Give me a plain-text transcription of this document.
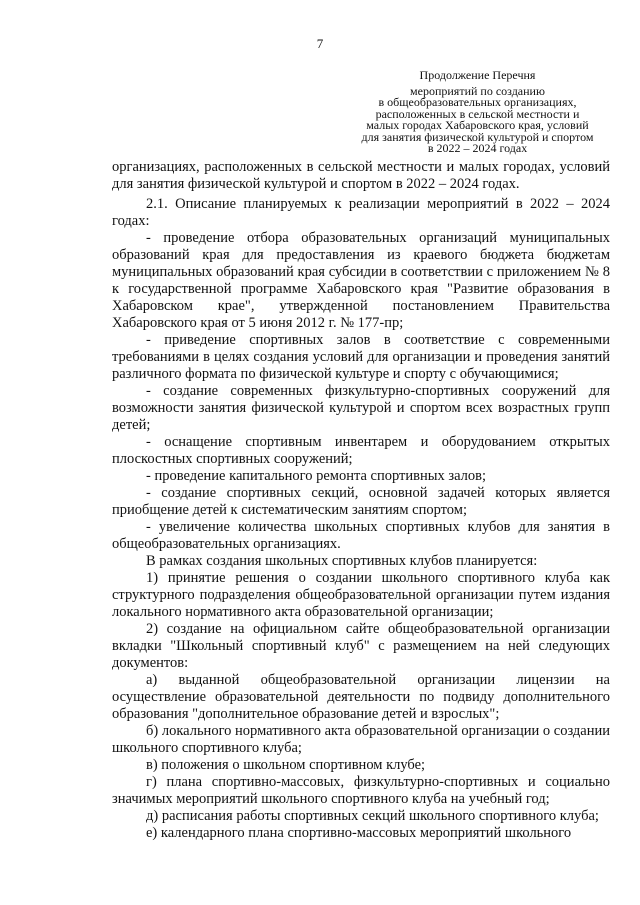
7
Продолжение Перечня
мероприятий по созданию
в общеобразовательных организациях,
расположенных в сельской местности и
малых городах Хабаровского края, условий
для занятия физической культурой и спортом
в 2022 – 2024 годах

организациях, расположенных в сельской местности и малых городах, условий для занятия физической культурой и спортом в 2022 – 2024 годах.

2.1. Описание планируемых к реализации мероприятий в 2022 – 2024 годах:

- проведение отбора образовательных организаций муниципальных образований края для предоставления из краевого бюджета бюджетам муниципальных образований края субсидии в соответствии с приложением № 8 к государственной программе Хабаровского края "Развитие образования в Хабаровском крае", утвержденной постановлением Правительства Хабаровского края от 5 июня 2012 г. № 177-пр;

- приведение спортивных залов в соответствие с современными требованиями в целях создания условий для организации и проведения занятий различного формата по физической культуре и спорту с обучающимися;

- создание современных физкультурно-спортивных сооружений для возможности занятия физической культурой и спортом всех возрастных групп детей;

- оснащение спортивным инвентарем и оборудованием открытых плоскостных спортивных сооружений;

- проведение капитального ремонта спортивных залов;

- создание спортивных секций, основной задачей которых является приобщение детей к систематическим занятиям спортом;

- увеличение количества школьных спортивных клубов для занятия в общеобразовательных организациях.

В рамках создания школьных спортивных клубов планируется:

1) принятие решения о создании школьного спортивного клуба как структурного подразделения общеобразовательной организации путем издания локального нормативного акта образовательной организации;

2) создание на официальном сайте общеобразовательной организации вкладки "Школьный спортивный клуб" с размещением на ней следующих документов:

а) выданной общеобразовательной организации лицензии на осуществление образовательной деятельности по подвиду дополнительного образования "дополнительное образование детей и взрослых";

б) локального нормативного акта образовательной организации о создании школьного спортивного клуба;

в) положения о школьном спортивном клубе;

г) плана спортивно-массовых, физкультурно-спортивных и социально значимых мероприятий школьного спортивного клуба на учебный год;

д) расписания работы спортивных секций школьного спортивного клуба;

е) календарного плана спортивно-массовых мероприятий школьного
